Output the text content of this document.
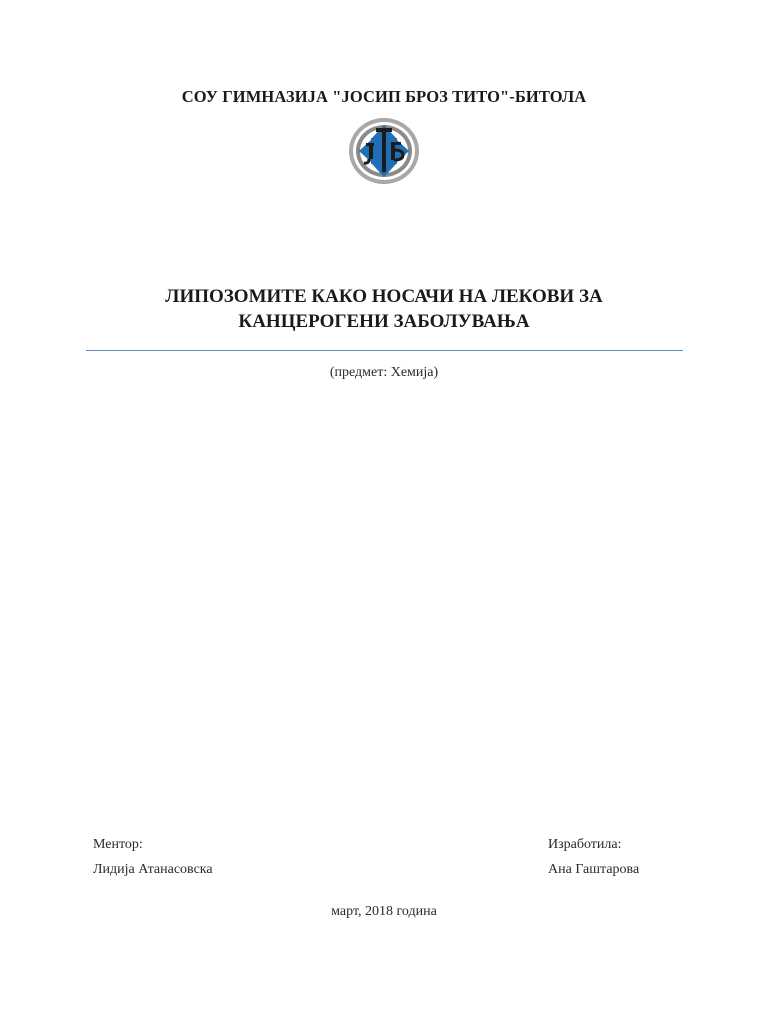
СОУ ГИМНАЗИЈА "ЈОСИП БРОЗ ТИТО"-БИТОЛА
ЛИПОЗОМИТЕ КАКО НОСАЧИ НА ЛЕКОВИ ЗА
КАНЦЕРОГЕНИ ЗАБОЛУВАЊА
(предмет: Хемија)
Ментор:
Лидија Атанасовска
Изработила:
Ана Гаштарова
март, 2018 година
